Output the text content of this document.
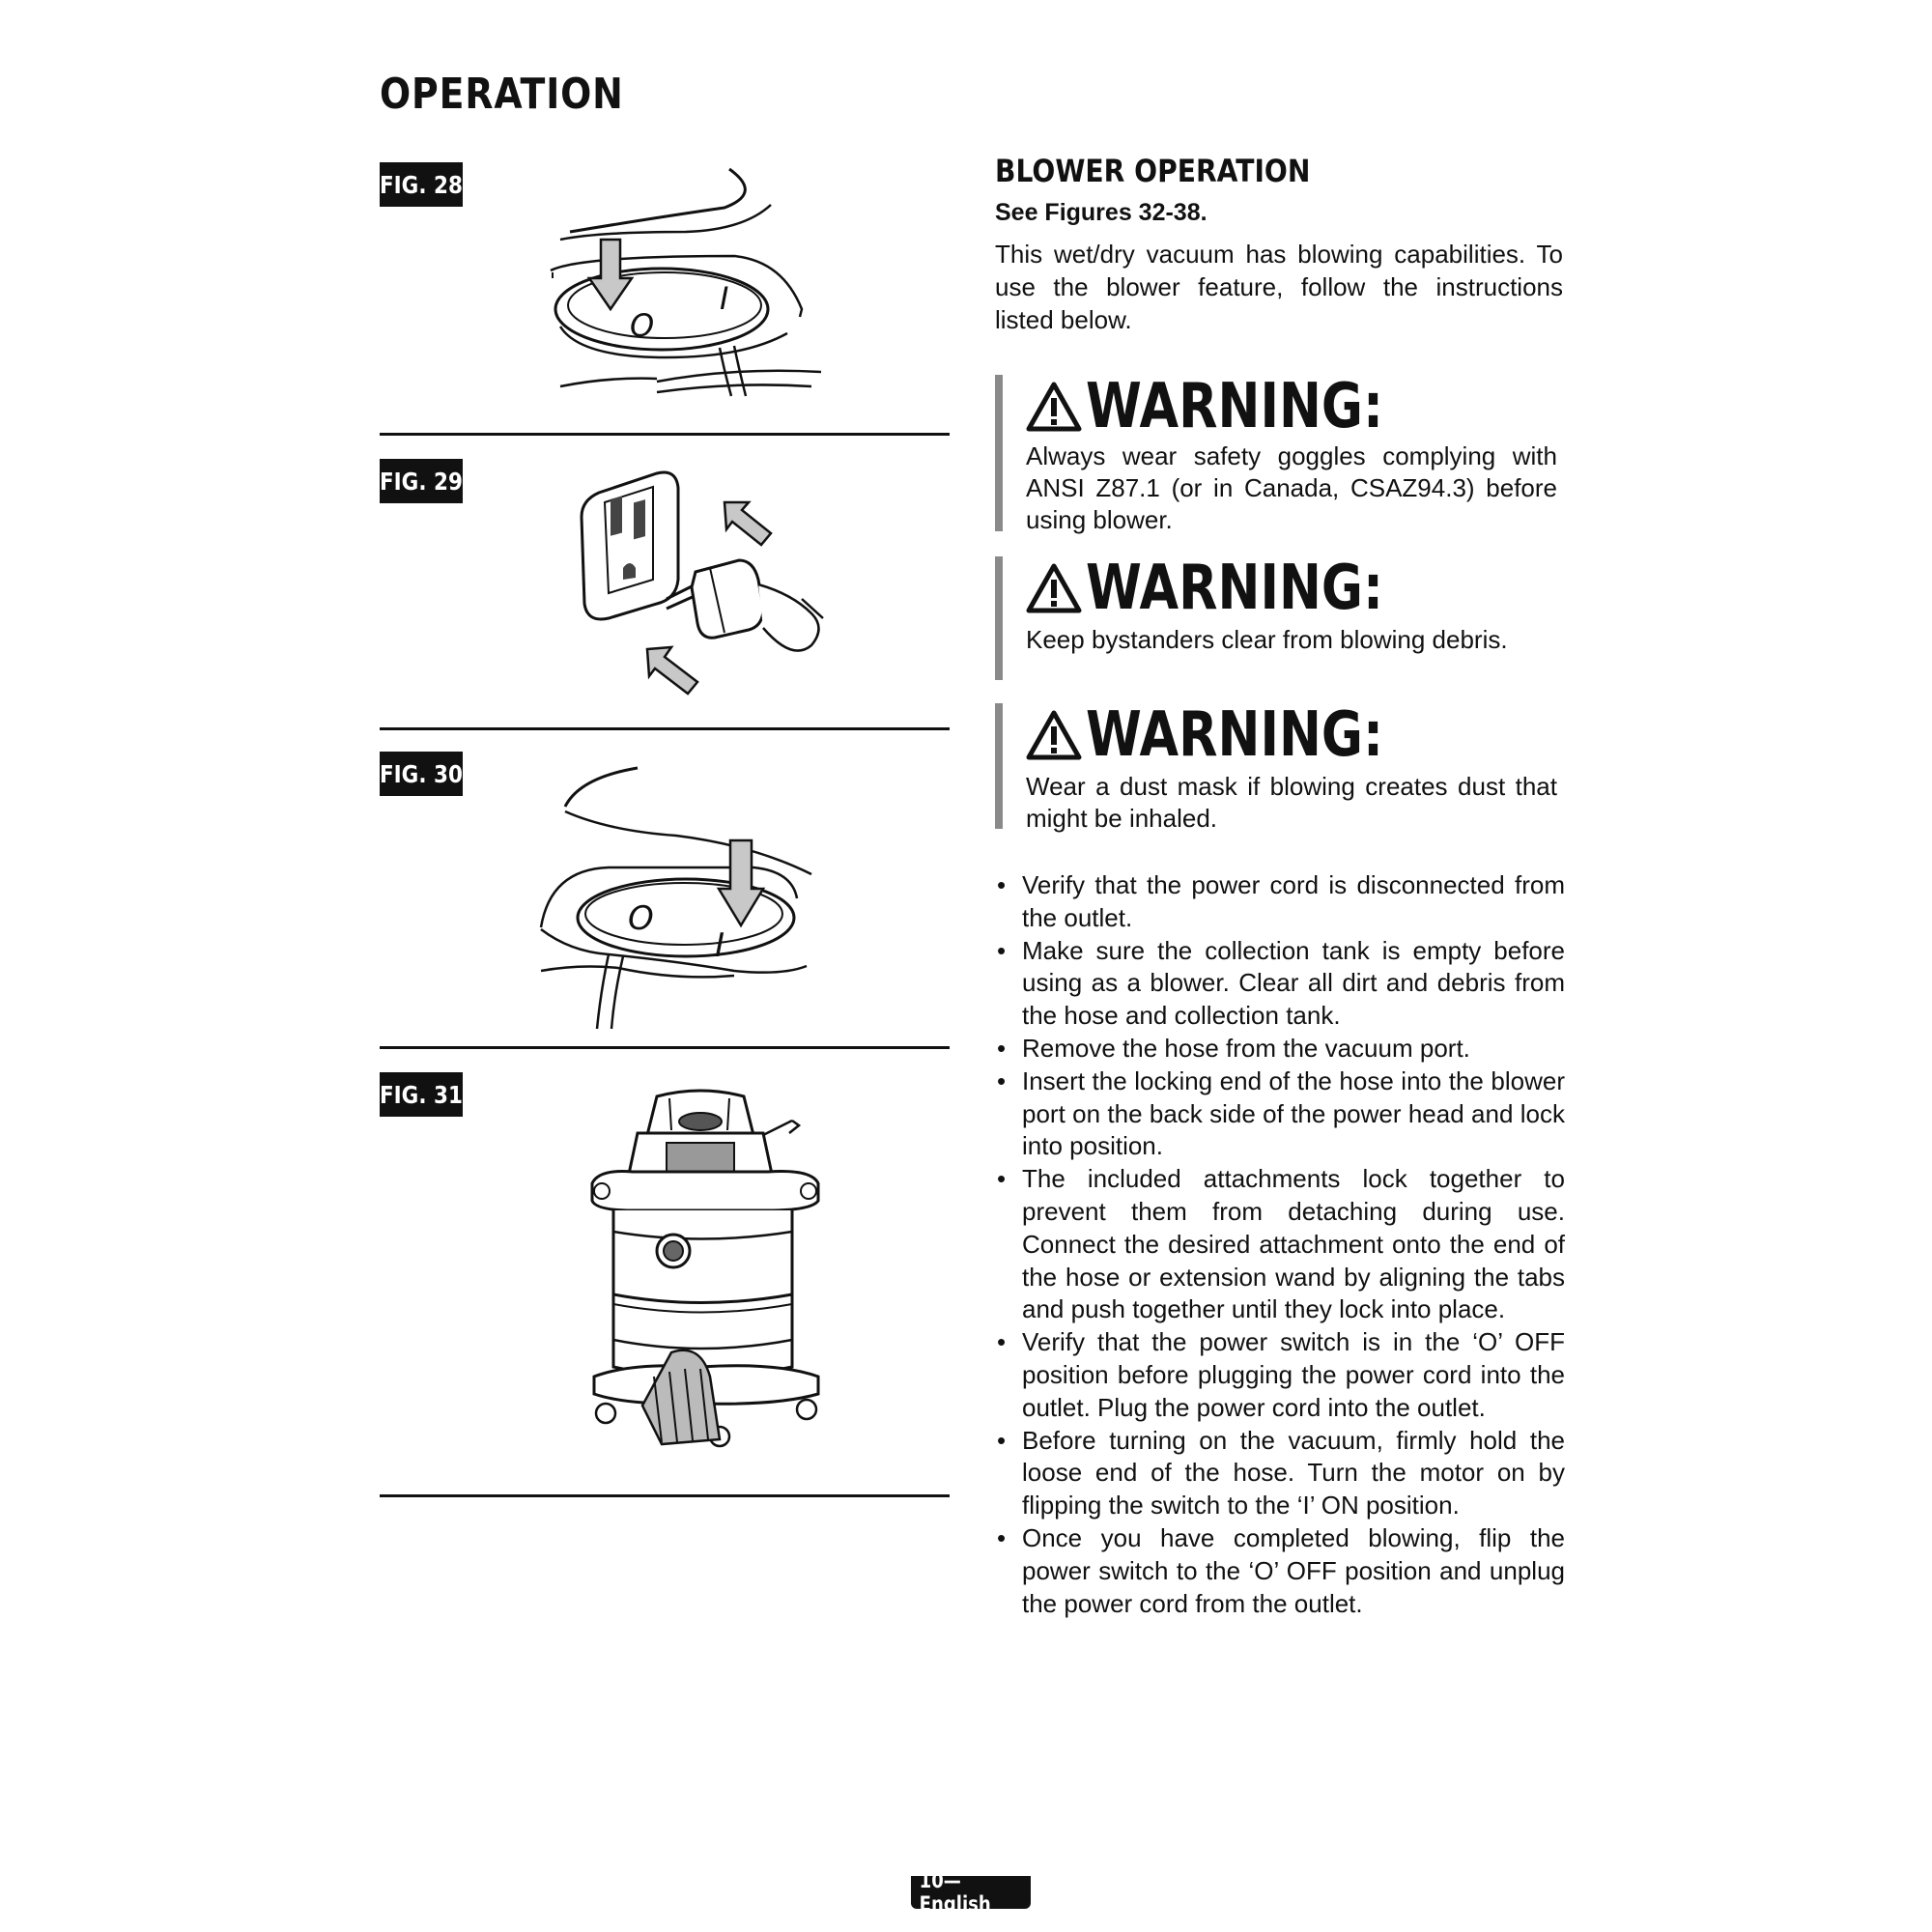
OPERATION
FIG. 28
O
I
FIG. 29
FIG. 30
O
I
FIG. 31
BLOWER OPERATION
See Figures 32-38.
This wet/dry vacuum has blowing capabilities. To use the blower feature, follow the instructions listed below.
WARNING:
Always wear safety goggles complying with ANSI Z87.1 (or in Canada, CSAZ94.3) before using blower.
WARNING:
Keep bystanders clear from blowing debris.
WARNING:
Wear a dust mask if blowing creates dust that might be inhaled.
• Verify that the power cord is disconnected from the outlet.
• Make sure the collection tank is empty before using as a blower. Clear all dirt and debris from the hose and collection tank.
• Remove the hose from the vacuum port.
• Insert the locking end of the hose into the blower port on the back side of the power head and lock into position.
• The included attachments lock together to prevent them from detaching during use. Connect the desired attachment onto the end of the hose or extension wand by aligning the tabs and push together until they lock into place.
• Verify that the power switch is in the ‘O’ OFF position before plugging the power cord into the outlet. Plug the power cord into the outlet.
• Before turning on the vacuum, firmly hold the loose end of the hose. Turn the motor on by flipping the switch to the ‘I’ ON position.
• Once you have completed blowing, flip the power switch to the ‘O’ OFF position and unplug the power cord from the outlet.
10—English
